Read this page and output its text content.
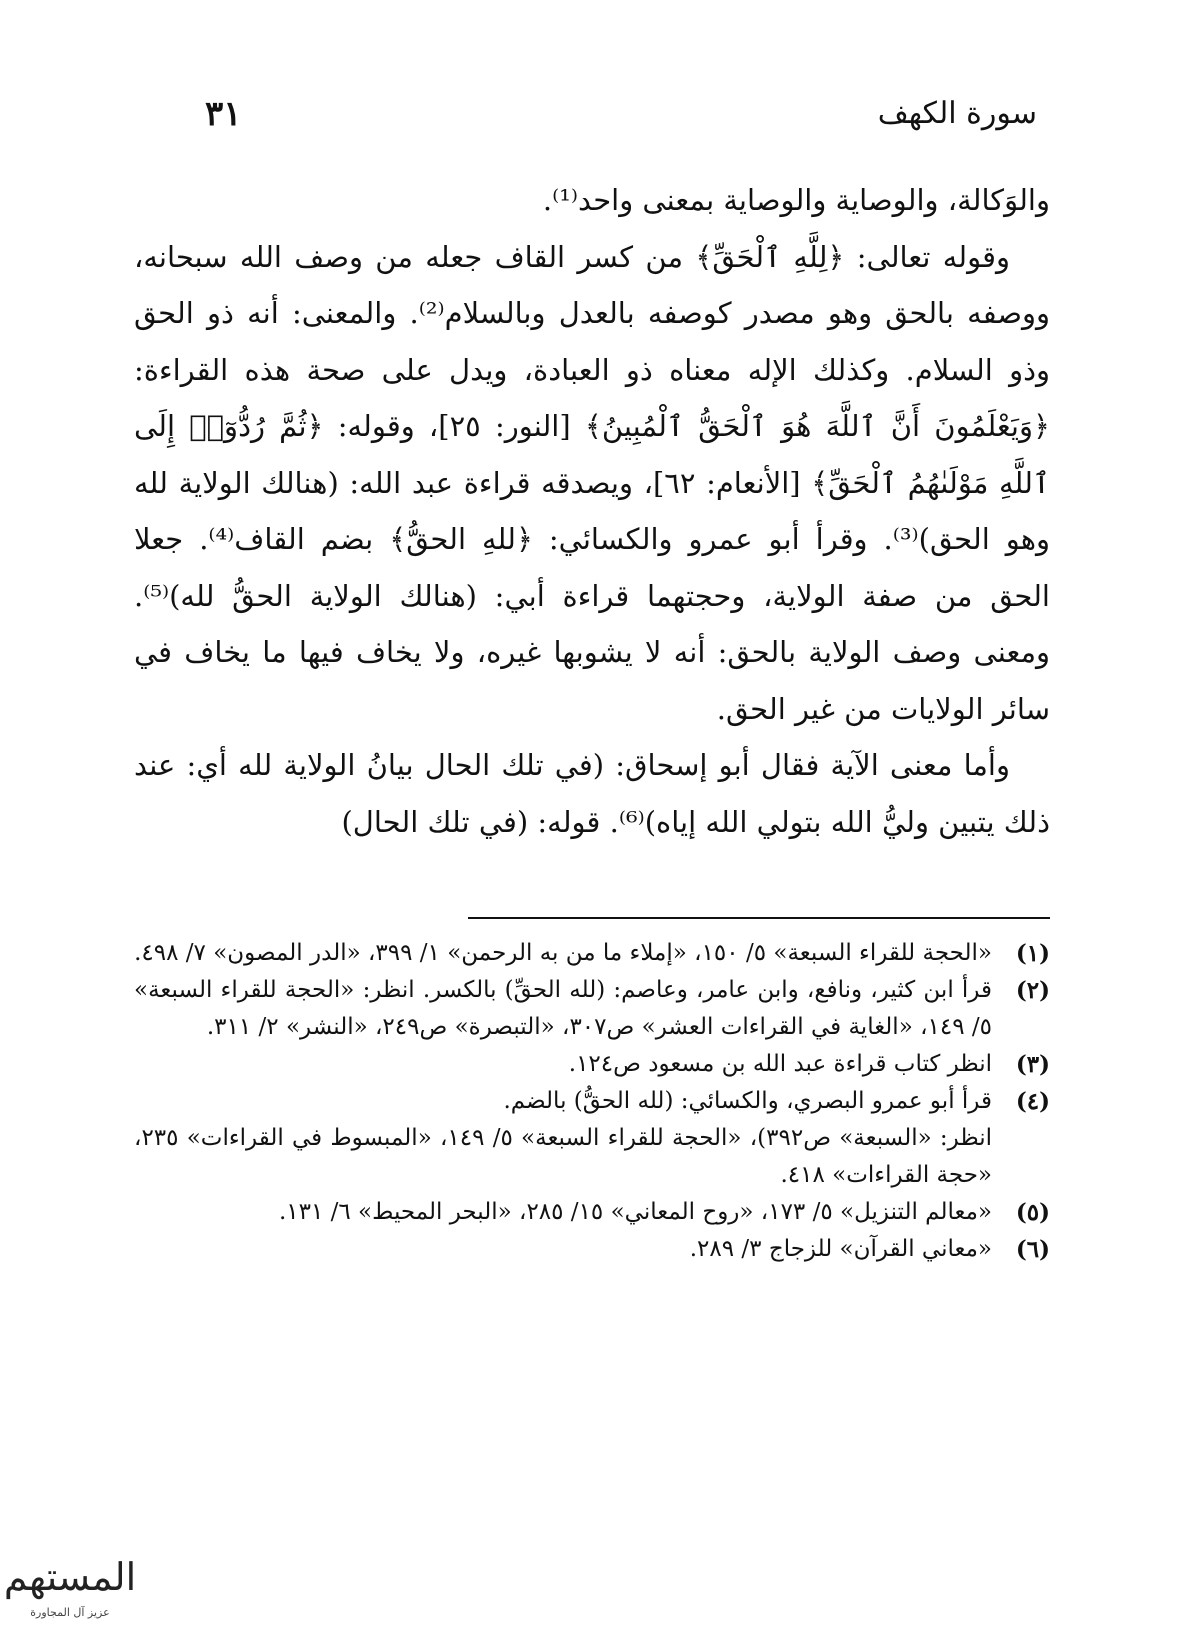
سورة الكهف
٣١

والوَكالة، والوصاية والوصاية بمعنى واحد⁽¹⁾.

وقوله تعالى: ﴿لِلَّهِ ٱلْحَقِّ﴾ من كسر القاف جعله من وصف الله سبحانه، ووصفه بالحق وهو مصدر كوصفه بالعدل وبالسلام⁽²⁾. والمعنى: أنه ذو الحق وذو السلام. وكذلك الإله معناه ذو العبادة، ويدل على صحة هذه القراءة: ﴿وَيَعْلَمُونَ أَنَّ ٱللَّهَ هُوَ ٱلْحَقُّ ٱلْمُبِينُ﴾ [النور: ٢٥]، وقوله: ﴿ثُمَّ رُدُّوٓا۟ إِلَى ٱللَّهِ مَوْلَىٰهُمُ ٱلْحَقِّ﴾ [الأنعام: ٦٢]، ويصدقه قراءة عبد الله: (هنالك الولاية لله وهو الحق)⁽³⁾. وقرأ أبو عمرو والكسائي: ﴿للهِ الحقُّ﴾ بضم القاف⁽⁴⁾. جعلا الحق من صفة الولاية، وحجتهما قراءة أبي: (هنالك الولاية الحقُّ لله)⁽⁵⁾. ومعنى وصف الولاية بالحق: أنه لا يشوبها غيره، ولا يخاف فيها ما يخاف في سائر الولايات من غير الحق.

وأما معنى الآية فقال أبو إسحاق: (في تلك الحال بيانُ الولاية لله أي: عند ذلك يتبين وليُّ الله بتولي الله إياه)⁽⁶⁾. قوله: (في تلك الحال)

(١)
«الحجة للقراء السبعة» ٥/ ١٥٠، «إملاء ما من به الرحمن» ١/ ٣٩٩، «الدر المصون» ٧/ ٤٩٨.
(٢)
قرأ ابن كثير، ونافع، وابن عامر، وعاصم: (لله الحقِّ) بالكسر. انظر: «الحجة للقراء السبعة» ٥/ ١٤٩، «الغاية في القراءات العشر» ص٣٠٧، «التبصرة» ص٢٤٩، «النشر» ٢/ ٣١١.
(٣)
انظر كتاب قراءة عبد الله بن مسعود ص١٢٤.
(٤)
قرأ أبو عمرو البصري، والكسائي: (لله الحقُّ) بالضم.
انظر: «السبعة» ص٣٩٢)، «الحجة للقراء السبعة» ٥/ ١٤٩، «المبسوط في القراءات» ٢٣٥، «حجة القراءات» ٤١٨.
(٥)
«معالم التنزيل» ٥/ ١٧٣، «روح المعاني» ١٥/ ٢٨٥، «البحر المحيط» ٦/ ١٣١.
(٦)
«معاني القرآن» للزجاج ٣/ ٢٨٩.
المستهم
عزيز آل المجاورة
